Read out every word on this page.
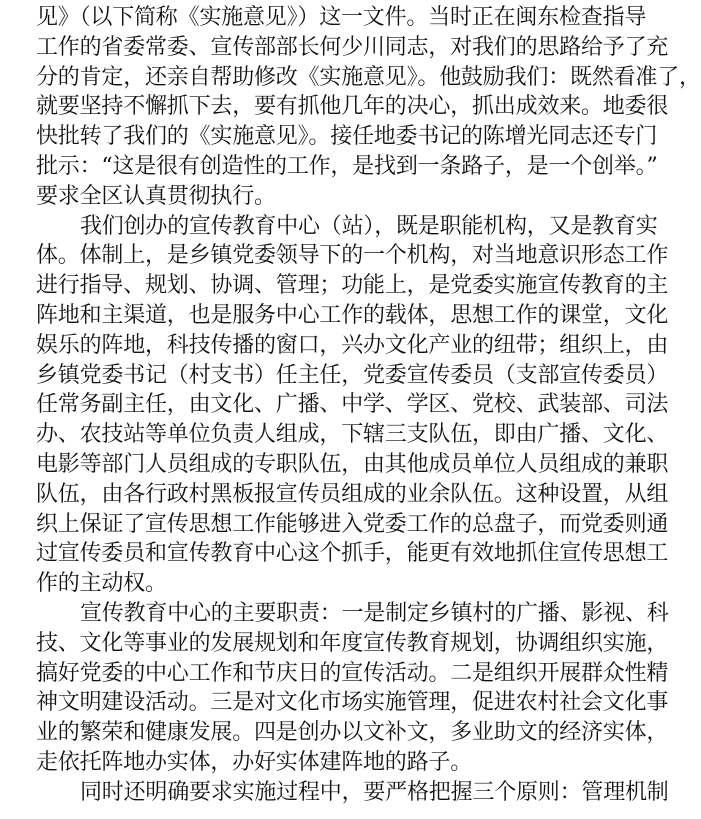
见》（以下简称《实施意见》）这一文件。当时正在闽东检查指导
工作的省委常委、宣传部部长何少川同志，对我们的思路给予了充
分的肯定，还亲自帮助修改《实施意见》。他鼓励我们：既然看准了，
就要坚持不懈抓下去，要有抓他几年的决心，抓出成效来。地委很
快批转了我们的《实施意见》。接任地委书记的陈增光同志还专门
批示：“这是很有创造性的工作，是找到一条路子，是一个创举。”
要求全区认真贯彻执行。
我们创办的宣传教育中心（站），既是职能机构，又是教育实
体。体制上，是乡镇党委领导下的一个机构，对当地意识形态工作
进行指导、规划、协调、管理；功能上，是党委实施宣传教育的主
阵地和主渠道，也是服务中心工作的载体，思想工作的课堂，文化
娱乐的阵地，科技传播的窗口，兴办文化产业的纽带；组织上，由
乡镇党委书记（村支书）任主任，党委宣传委员（支部宣传委员）
任常务副主任，由文化、广播、中学、学区、党校、武装部、司法
办、农技站等单位负责人组成，下辖三支队伍，即由广播、文化、
电影等部门人员组成的专职队伍，由其他成员单位人员组成的兼职
队伍，由各行政村黑板报宣传员组成的业余队伍。这种设置，从组
织上保证了宣传思想工作能够进入党委工作的总盘子，而党委则通
过宣传委员和宣传教育中心这个抓手，能更有效地抓住宣传思想工
作的主动权。
宣传教育中心的主要职责：一是制定乡镇村的广播、影视、科
技、文化等事业的发展规划和年度宣传教育规划，协调组织实施，
搞好党委的中心工作和节庆日的宣传活动。二是组织开展群众性精
神文明建设活动。三是对文化市场实施管理，促进农村社会文化事
业的繁荣和健康发展。四是创办以文补文，多业助文的经济实体，
走依托阵地办实体，办好实体建阵地的路子。
同时还明确要求实施过程中，要严格把握三个原则：管理机制
